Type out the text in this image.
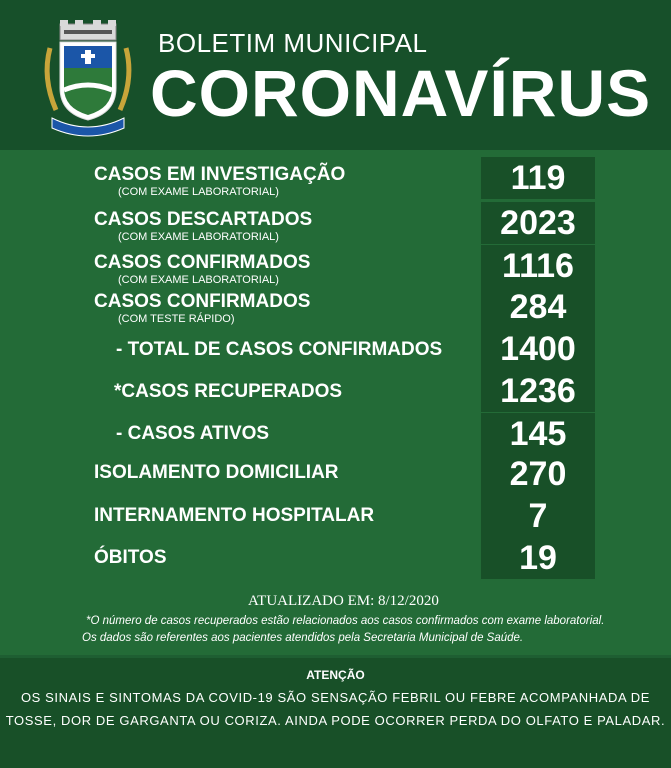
BOLETIM MUNICIPAL
CORONAVÍRUS
CASOS EM INVESTIGAÇÃO
(COM EXAME LABORATORIAL)	119
CASOS DESCARTADOS
(COM EXAME LABORATORIAL)	2023
CASOS CONFIRMADOS
(COM EXAME LABORATORIAL)	1116
CASOS CONFIRMADOS
(COM TESTE RÁPIDO)	284
- TOTAL DE CASOS CONFIRMADOS	1400
*CASOS RECUPERADOS	1236
- CASOS ATIVOS	145
ISOLAMENTO DOMICILIAR	270
INTERNAMENTO HOSPITALAR	7
ÓBITOS	19
ATUALIZADO EM: 8/12/2020
*O número de casos recuperados estão relacionados aos casos confirmados com exame laboratorial.
Os dados são referentes aos pacientes atendidos pela Secretaria Municipal de Saúde.
ATENÇÃO
OS SINAIS E SINTOMAS DA COVID-19 SÃO SENSAÇÃO FEBRIL OU FEBRE ACOMPANHADA DE
TOSSE, DOR DE GARGANTA OU CORIZA. AINDA PODE OCORRER PERDA DO OLFATO E PALADAR.
